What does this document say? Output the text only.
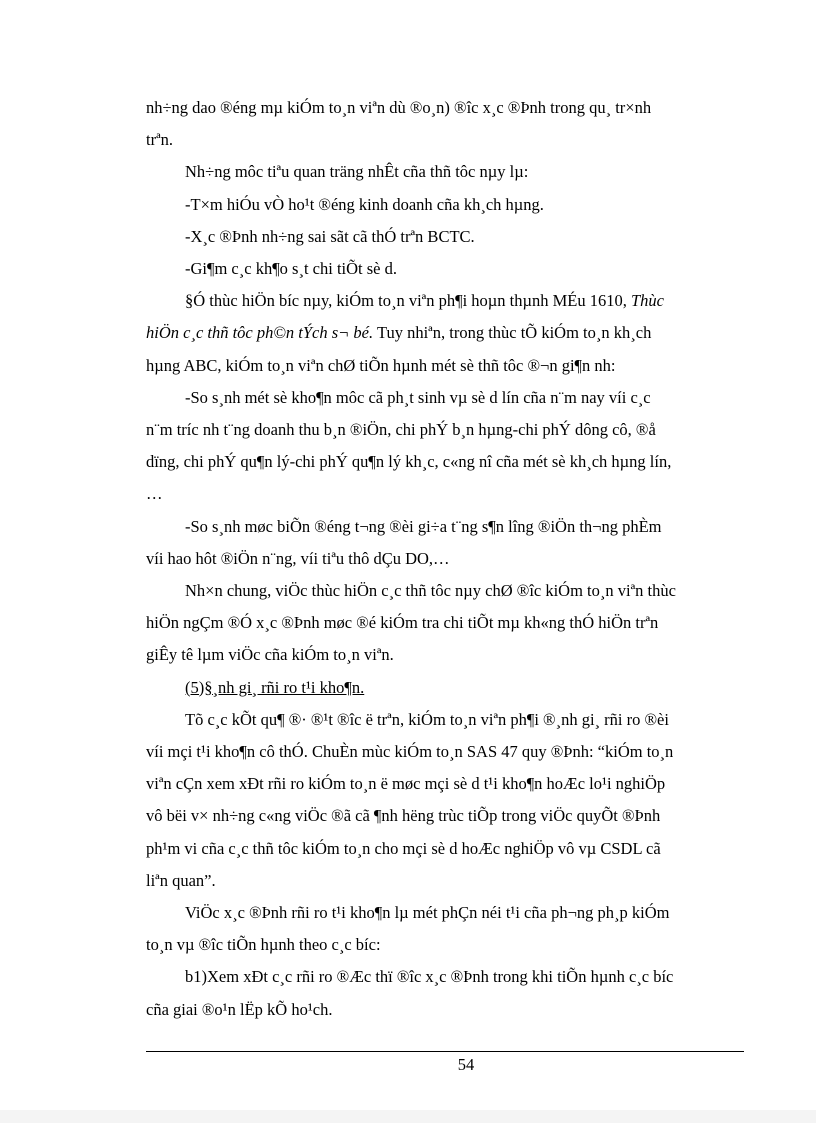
nh÷ng dao ®éng mµ kiÓm to¸n viªn dù ®o¸n) ®îc x¸c ®Þnh trong qu¸ tr×nh
trªn.

Nh÷ng môc tiªu quan träng nhÊt cña thñ tôc nµy lµ:

-T×m hiÓu vÒ ho¹t ®éng kinh doanh cña kh¸ch hµng.

-X¸c ®Þnh nh÷ng sai sãt cã thÓ trªn BCTC.

-Gi¶m c¸c kh¶o s¸t chi tiÕt sè d.

§Ó thùc hiÖn bíc nµy, kiÓm to¸n viªn ph¶i hoµn thµnh MÉu 1610, Thùc

hiÖn c¸c thñ tôc ph©n tÝch s¬ bé. Tuy nhiªn, trong thùc tÕ kiÓm to¸n kh¸ch
hµng ABC, kiÓm to¸n viªn chØ tiÕn hµnh mét sè thñ tôc ®¬n gi¶n nh:

-So s¸nh mét sè kho¶n môc cã ph¸t sinh vµ sè d lín cña n¨m nay víi c¸c

n¨m tríc nh t¨ng doanh thu b¸n ®iÖn, chi phÝ b¸n hµng-chi phÝ dông cô, ®å
dïng, chi phÝ qu¶n lý-chi phÝ qu¶n lý kh¸c, c«ng nî cña mét sè kh¸ch hµng lín,
…

-So s¸nh møc biÕn ®éng t¬ng ®èi gi÷a t¨ng s¶n lîng ®iÖn th¬ng phÈm

víi hao hôt ®iÖn n¨ng, víi tiªu thô dÇu DO,…

Nh×n chung, viÖc thùc hiÖn c¸c thñ tôc nµy chØ ®îc kiÓm to¸n viªn thùc

hiÖn ngÇm ®Ó x¸c ®Þnh møc ®é kiÓm tra chi tiÕt mµ kh«ng thÓ hiÖn trªn
giÊy tê lµm viÖc cña kiÓm to¸n viªn.

(5)§¸nh gi¸ rñi ro t¹i kho¶n.

Tõ c¸c kÕt qu¶ ®· ®¹t ®îc ë trªn, kiÓm to¸n viªn ph¶i ®¸nh gi¸ rñi ro ®èi

víi mçi t¹i kho¶n cô thÓ. ChuÈn mùc kiÓm to¸n SAS 47 quy ®Þnh: “kiÓm to¸n
viªn cÇn xem xÐt rñi ro kiÓm to¸n ë møc mçi sè d t¹i kho¶n hoÆc lo¹i nghiÖp
vô bëi v× nh÷ng c«ng viÖc ®ã cã ¶nh hëng trùc tiÕp trong viÖc quyÕt ®Þnh
ph¹m vi cña c¸c thñ tôc kiÓm to¸n cho mçi sè d hoÆc nghiÖp vô vµ CSDL cã
liªn quan”.

ViÖc x¸c ®Þnh rñi ro t¹i kho¶n lµ mét phÇn néi t¹i cña ph¬ng ph¸p kiÓm

to¸n vµ ®îc tiÕn hµnh theo c¸c bíc:

b1)Xem xÐt c¸c rñi ro ®Æc thï ®îc x¸c ®Þnh trong khi tiÕn hµnh c¸c bíc

cña giai ®o¹n lËp kÕ ho¹ch.

54
